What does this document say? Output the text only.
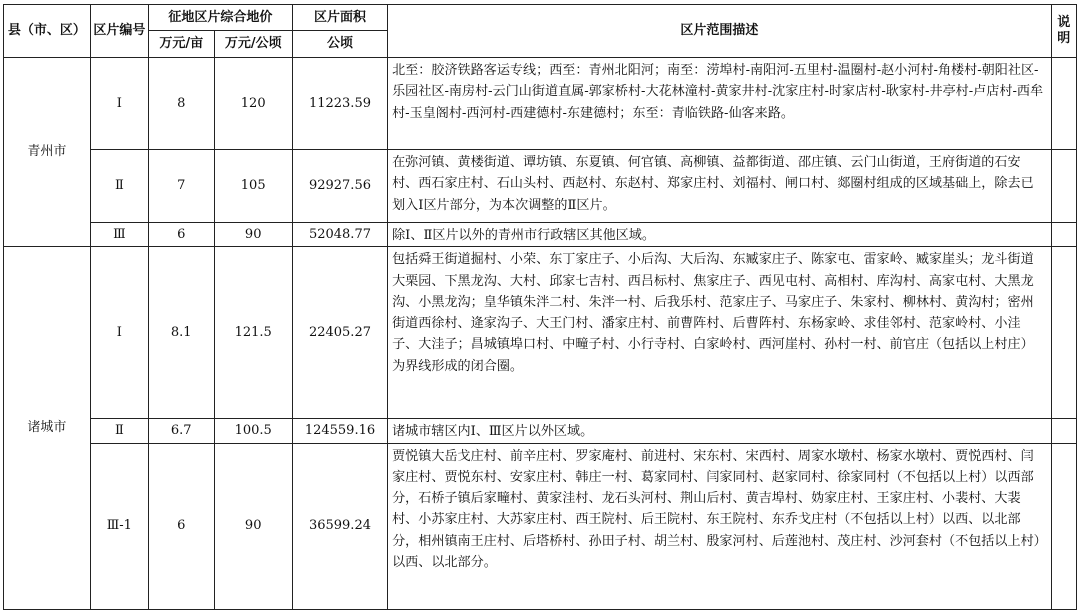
县（市、区）	区片编号	征地区片综合地价		区片面积	区片范围描述	说明
		万元/亩	万元/公顷	公顷		
青州市	Ⅰ	8	120	11223.59	北至：胶济铁路客运专线；西至：青州北阳河；南至：涝埠村-南阳河-五里村-温圈村-赵小河村-角楼村-朝阳社区-乐园社区-南房村-云门山街道直属-郭家桥村-大花林潼村-黄家井村-沈家庄村-时家店村-耿家村-井亭村-卢店村-西牟村-玉皇阁村-西河村-西建德村-东建德村；东至：青临铁路-仙客来路。	
	Ⅱ	7	105	92927.56	在弥河镇、黄楼街道、谭坊镇、东夏镇、何官镇、高柳镇、益都街道、邵庄镇、云门山街道，王府街道的石安村、西石家庄村、石山头村、西赵村、东赵村、郑家庄村、刘福村、闸口村、郯圈村组成的区域基础上，除去已划入Ⅰ区片部分，为本次调整的Ⅱ区片。	
	Ⅲ	6	90	52048.77	除Ⅰ、Ⅱ区片以外的青州市行政辖区其他区域。	
诸城市	Ⅰ	8.1	121.5	22405.27	包括舜王街道掘村、小荣、东丁家庄子、小后沟、大后沟、东臧家庄子、陈家屯、雷家岭、臧家崖头；龙斗街道大栗园、下黑龙沟、大村、邱家七吉村、西吕标村、焦家庄子、西见屯村、高相村、库沟村、高家屯村、大黑龙沟、小黑龙沟；皇华镇朱泮二村、朱泮一村、后我乐村、范家庄子、马家庄子、朱家村、柳林村、黄沟村；密州街道西徐村、逄家沟子、大王门村、潘家庄村、前曹阵村、后曹阵村、东杨家岭、求佳邻村、范家岭村、小洼子、大洼子；昌城镇埠口村、中疃子村、小行寺村、白家岭村、西河崖村、孙村一村、前官庄（包括以上村庄）为界线形成的闭合圈。	
	Ⅱ	6.7	100.5	124559.16	诸城市辖区内Ⅰ、Ⅲ区片以外区域。	
	Ⅲ-1	6	90	36599.24	贾悦镇大岳戈庄村、前辛庄村、罗家庵村、前进村、宋东村、宋西村、周家水墩村、杨家水墩村、贾悦西村、闫家庄村、贾悦东村、安家庄村、韩庄一村、葛家同村、闫家同村、赵家同村、徐家同村（不包括以上村）以西部分，石桥子镇后家疃村、黄家洼村、龙石头河村、荆山后村、黄吉埠村、妫家庄村、王家庄村、小裴村、大裴村、小苏家庄村、大苏家庄村、西王院村、后王院村、东王院村、东乔戈庄村（不包括以上村）以西、以北部分，相州镇南王庄村、后塔桥村、孙田子村、胡兰村、殷家河村、后莲池村、茂庄村、沙河套村（不包括以上村）以西、以北部分。	
